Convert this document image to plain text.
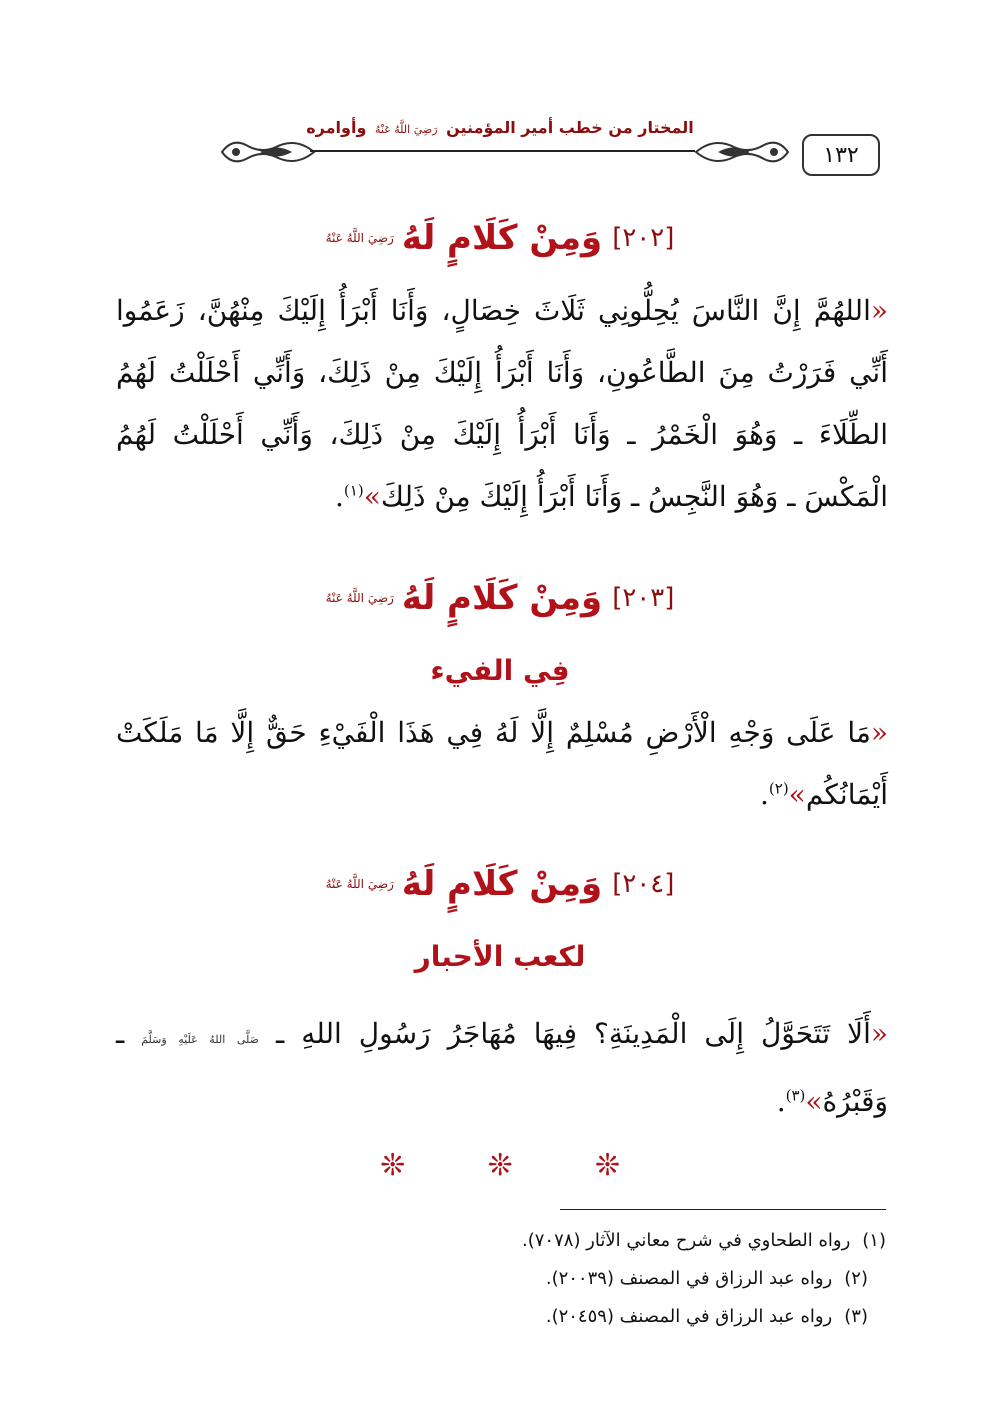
١٣٢
المختار من خطب أمير المؤمنين رَضِيَ اللَّهُ عَنْهُ وأوامره
[٢٠٢]
وَمِنْ كَلَامٍ لَهُ
رَضِيَ اللَّهُ عَنْهُ
«اللهُمَّ إِنَّ النَّاسَ يُحِلُّونِي ثَلَاثَ خِصَالٍ، وَأَنَا أَبْرَأُ إِلَيْكَ مِنْهُنَّ، زَعَمُوا أَنِّي فَرَرْتُ مِنَ الطَّاعُونِ، وَأَنَا أَبْرَأُ إِلَيْكَ مِنْ ذَلِكَ، وَأَنِّي أَحْلَلْتُ لَهُمُ الطِّلَاءَ ـ وَهُوَ الْخَمْرُ ـ وَأَنَا أَبْرَأُ إِلَيْكَ مِنْ ذَلِكَ، وَأَنِّي أَحْلَلْتُ لَهُمُ الْمَكْسَ ـ وَهُوَ النَّجِسُ ـ وَأَنَا أَبْرَأُ إِلَيْكَ مِنْ ذَلِكَ»$^{(١)}$.
[٢٠٣]
وَمِنْ كَلَامٍ لَهُ
رَضِيَ اللَّهُ عَنْهُ
فِي الفيء
«مَا عَلَى وَجْهِ الْأَرْضِ مُسْلِمٌ إِلَّا لَهُ فِي هَذَا الْفَيْءِ حَقٌّ إِلَّا مَا مَلَكَتْ أَيْمَانُكُم»$^{(٢)}$.
[٢٠٤]
وَمِنْ كَلَامٍ لَهُ
رَضِيَ اللَّهُ عَنْهُ
لكعب الأحبار
«أَلَا تَتَحَوَّلُ إِلَى الْمَدِينَةِ؟ فِيهَا مُهَاجَرُ رَسُولِ اللهِ ـ صَلَّى اللهُ عَلَيْهِ وَسَلَّمَ ـ وَقَبْرُهُ»$^{(٣)}$.
❊
❊
❊
(١)رواه الطحاوي في شرح معاني الآثار (٧٠٧٨).
(٢)رواه عبد الرزاق في المصنف (٢٠٠٣٩).
(٣)رواه عبد الرزاق في المصنف (٢٠٤٥٩).
